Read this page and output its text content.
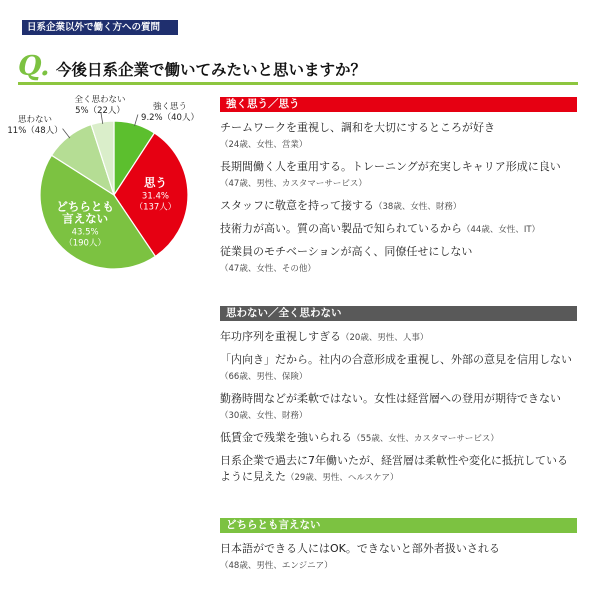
日系企業以外で働く方への質問
Q. 今後日系企業で働いてみたいと思いますか？
思う
31.4%
（137人）
どちらとも
言えない
43.5%
（190人）
強く思う
9.2%（40人）
思わない
11%（48人）
全く思わない
5%（22人）
強く思う／思う
チームワークを重視し、調和を大切にするところが好き
（24歳、女性、営業）
長期間働く人を重用する。トレーニングが充実しキャリア形成に良い（47歳、男性、カスタマーサービス）
スタッフに敬意を持って接する（38歳、女性、財務）
技術力が高い。質の高い製品で知られているから（44歳、女性、IT）
従業員のモチベーションが高く、同僚任せにしない
（47歳、女性、その他）
思わない／全く思わない
年功序列を重視しすぎる（20歳、男性、人事）
「内向き」だから。社内の合意形成を重視し、外部の意見を信用しない（66歳、男性、保険）
勤務時間などが柔軟ではない。女性は経営層への登用が期待できない（30歳、女性、財務）
低賃金で残業を強いられる（55歳、女性、カスタマーサービス）
日系企業で過去に7年働いたが、経営層は柔軟性や変化に抵抗しているように見えた（29歳、男性、ヘルスケア）
どちらとも言えない
日本語ができる人にはOK。できないと部外者扱いされる
（48歳、男性、エンジニア）
